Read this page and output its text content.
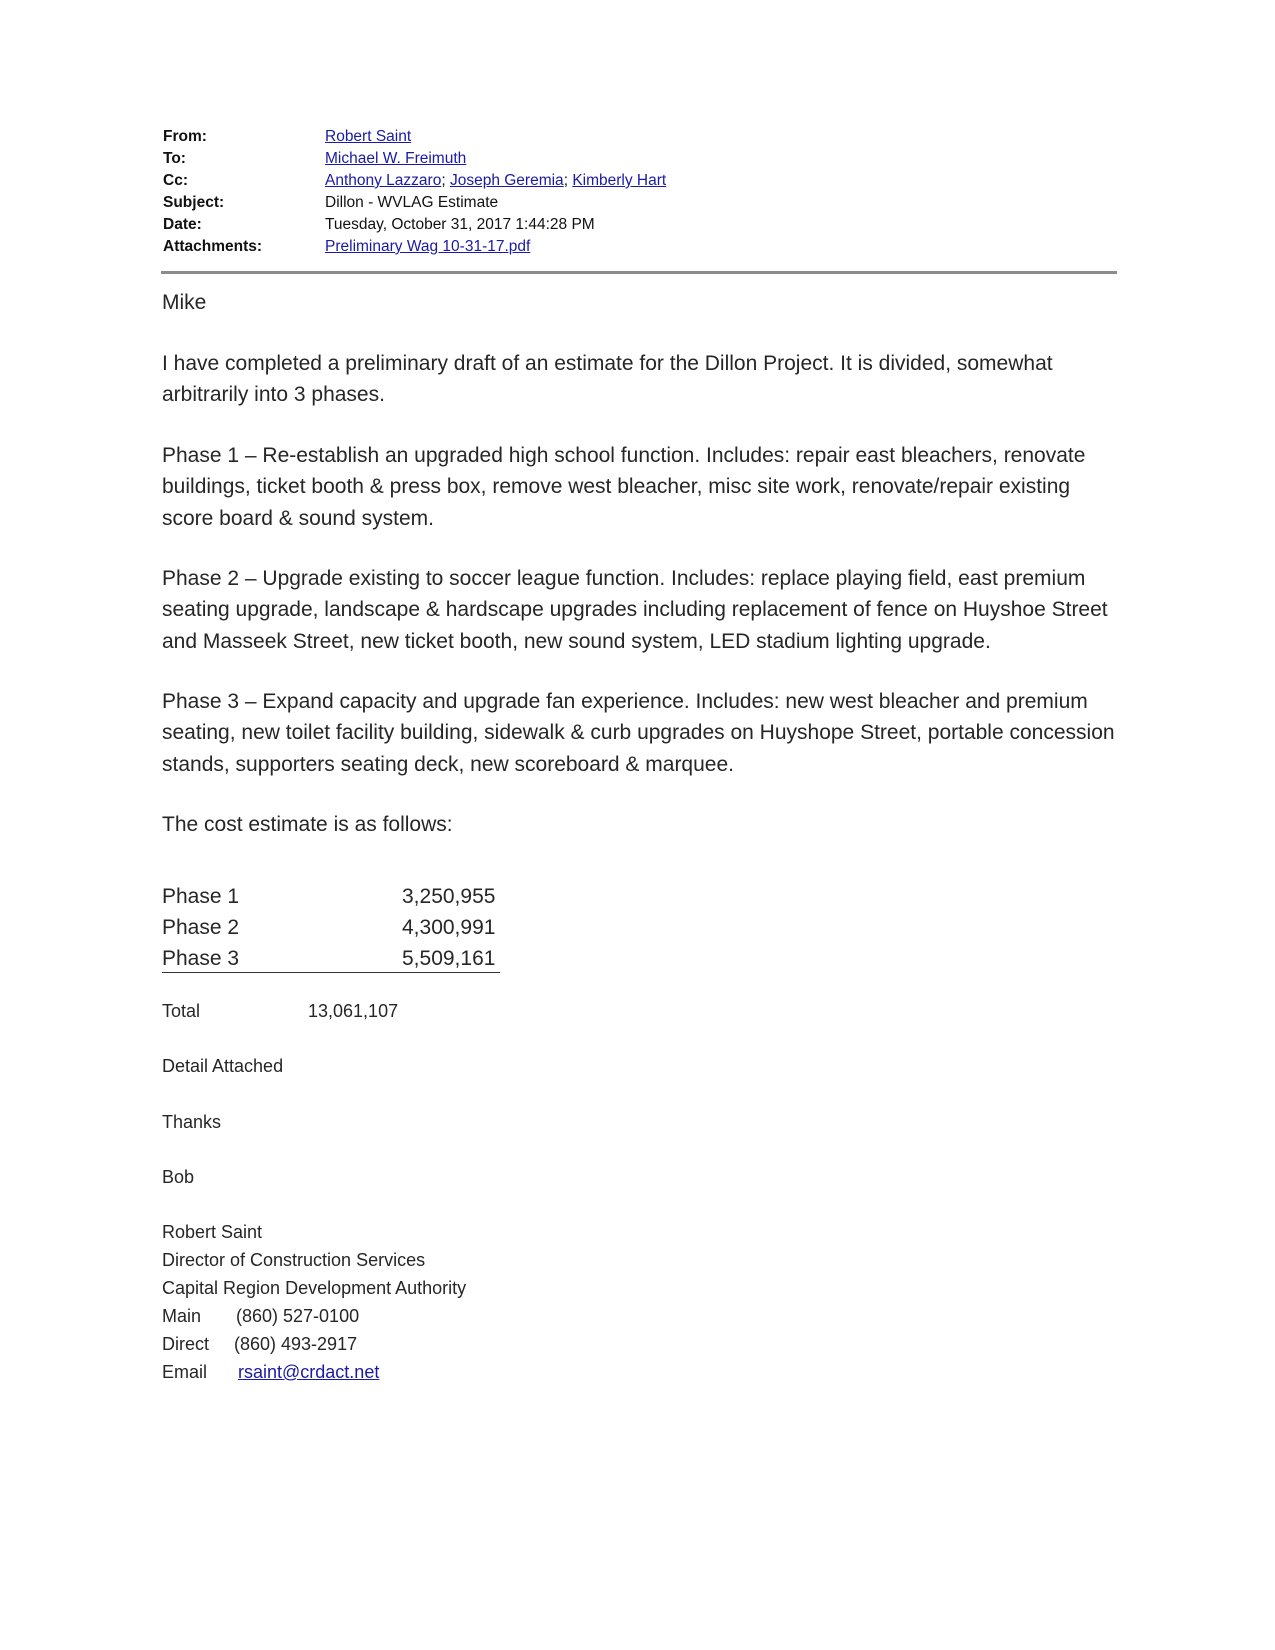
From:	Robert Saint
To:	Michael W. Freimuth
Cc:	Anthony Lazzaro; Joseph Geremia; Kimberly Hart
Subject:	Dillon - WVLAG Estimate
Date:	Tuesday, October 31, 2017 1:44:28 PM
Attachments:	Preliminary Wag 10-31-17.pdf
Mike
I have completed a preliminary draft of an estimate for the Dillon Project. It is divided, somewhat arbitrarily into 3 phases.
Phase 1 – Re-establish an upgraded high school function. Includes: repair east bleachers, renovate buildings, ticket booth & press box, remove west bleacher, misc site work, renovate/repair existing score board & sound system.
Phase 2 – Upgrade existing to soccer league function. Includes: replace playing field, east premium seating upgrade, landscape & hardscape upgrades including replacement of fence on Huyshoe Street and Masseek Street, new ticket booth, new sound system, LED stadium lighting upgrade.
Phase 3 – Expand capacity and upgrade fan experience. Includes: new west bleacher and premium seating, new toilet facility building, sidewalk & curb upgrades on Huyshope Street, portable concession stands, supporters seating deck, new scoreboard & marquee.
The cost estimate is as follows:
Phase 1	3,250,955
Phase 2	4,300,991
Phase 3	5,509,161
Total	13,061,107
Detail Attached
Thanks
Bob
Robert Saint
Director of Construction Services
Capital Region Development Authority
Main	(860) 527-0100
Direct	(860) 493-2917
Email	rsaint@crdact.net
